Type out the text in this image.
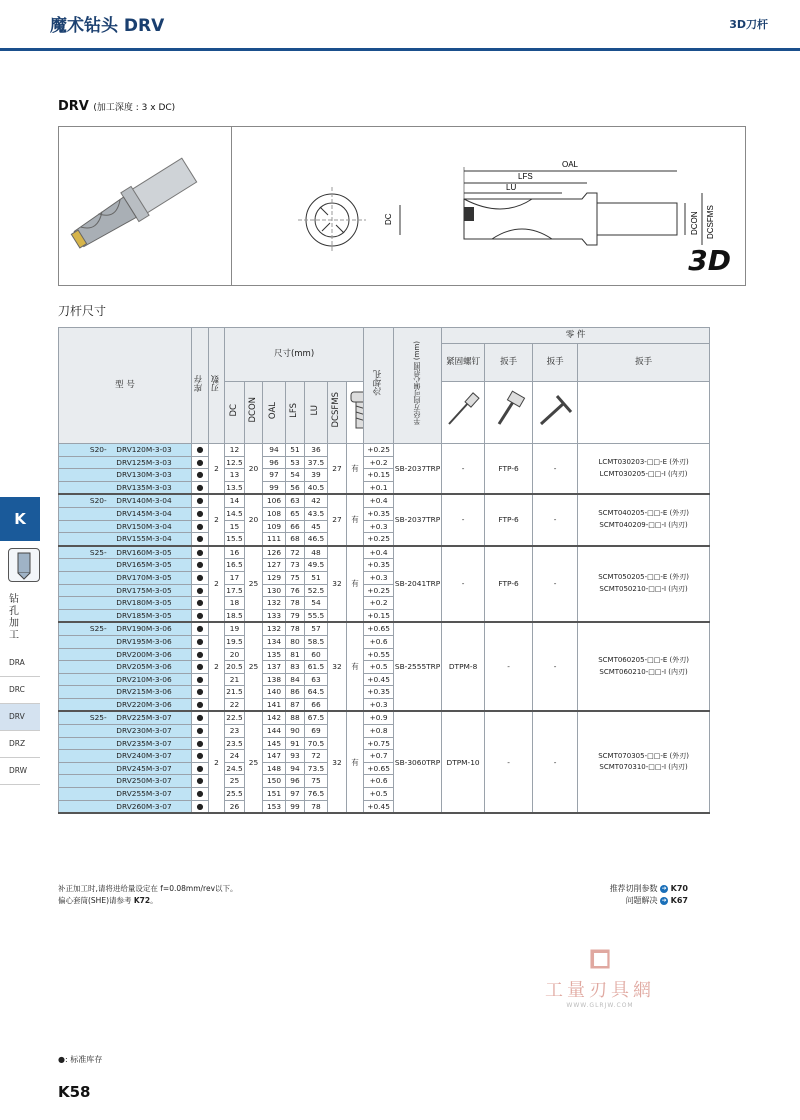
魔术钻头 DRV	3D刀杆
DRV (加工深度 : 3 x DC)
DC
OAL
LFS
LU
DCON DCSFMS
3D
刀杆尺寸
型 号	库存	刃数	尺寸(mm)							冷却孔	半径方向可偏心范围 (mm)	零 件	

												紧固螺钉	扳手	扳手	扳手	
			DC	DCON	OAL	LFS	LU	DCSFMS				
S20- DRV120M-3-03	●	2	12	20	94	51	36	27	有	+0.25	SB-2037TRP	-	FTP-6	-	LCMT030203-□□-E (外刃)
LCMT030205-□□-I (内刃)	

DRV125M-3-03	●		12.5		96	53	37.5			+0.2						
DRV130M-3-03	●		13		97	54	39			+0.15						
DRV135M-3-03	●		13.5		99	56	40.5			+0.1						
S20- DRV140M-3-04	●	2	14	20	106	63	42	27	有	+0.4	SB-2037TRP	-	FTP-6	-	SCMT040205-□□-E (外刃)
SCMT040209-□□-I (内刃)	

DRV145M-3-04	●		14.5		108	65	43.5			+0.35						
DRV150M-3-04	●		15		109	66	45			+0.3						
DRV155M-3-04	●		15.5		111	68	46.5			+0.25						
S25- DRV160M-3-05	●	2	16	25	126	72	48	32	有	+0.4	SB-2041TRP	-	FTP-6	-	SCMT050205-□□-E (外刃)
SCMT050210-□□-I (内刃)	

DRV165M-3-05	●		16.5		127	73	49.5			+0.35						
DRV170M-3-05	●		17		129	75	51			+0.3						
DRV175M-3-05	●		17.5		130	76	52.5			+0.25						
DRV180M-3-05	●		18		132	78	54			+0.2						
DRV185M-3-05	●		18.5		133	79	55.5			+0.15						
S25- DRV190M-3-06	●	2	19	25	132	78	57	32	有	+0.65	SB-2555TRP	DTPM-8	-	-	SCMT060205-□□-E (外刃)
SCMT060210-□□-I (内刃)	

DRV195M-3-06	●		19.5		134	80	58.5			+0.6						
DRV200M-3-06	●		20		135	81	60			+0.55						
DRV205M-3-06	●		20.5		137	83	61.5			+0.5						
DRV210M-3-06	●		21		138	84	63			+0.45						
DRV215M-3-06	●		21.5		140	86	64.5			+0.35						
DRV220M-3-06	●		22		141	87	66			+0.3						
S25- DRV225M-3-07	●	2	22.5	25	142	88	67.5	32	有	+0.9	SB-3060TRP	DTPM-10	-	-	SCMT070305-□□-E (外刃)
SCMT070310-□□-I (内刃)	

DRV230M-3-07	●		23		144	90	69			+0.8						
DRV235M-3-07	●		23.5		145	91	70.5			+0.75						
DRV240M-3-07	●		24		147	93	72			+0.7						
DRV245M-3-07	●		24.5		148	94	73.5			+0.65						
DRV250M-3-07	●		25		150	96	75			+0.6						
DRV255M-3-07	●		25.5		151	97	76.5			+0.5						
DRV260M-3-07	●		26		153	99	78			+0.45						
补正加工时,请将进给量设定在 f=0.08mm/rev以下。
偏心套筒(SHE)请参考 K72。
推荐切削参数 ➜ K70
问题解决 ➜ K67
K
钻孔加工
DRA
DRC
DRV
DRZ
DRW
⧠
工量刃具網
WWW.GLRJW.COM
●: 标准库存
K58
